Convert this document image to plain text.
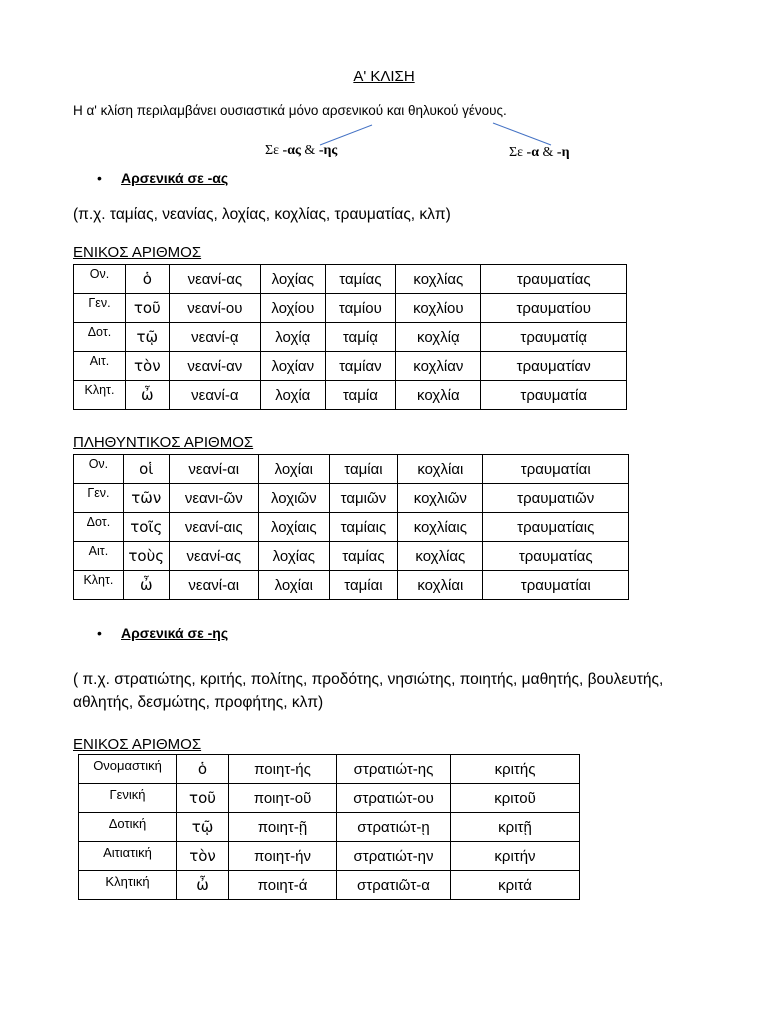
Α' ΚΛΙΣΗ
Η α' κλίση περιλαμβάνει ουσιαστικά μόνο αρσενικού και θηλυκού γένους.
Σε -ας & -ης	Σε -α & -η
• Αρσενικά σε -ας
(π.χ. ταμίας, νεανίας, λοχίας, κοχλίας, τραυματίας, κλπ)
ΕΝΙΚΟΣ ΑΡΙΘΜΟΣ
Ον.	ὁ	νεανί-ας	λοχίας	ταμίας	κοχλίας	τραυματίας
Γεν.	τοῦ	νεανί-ου	λοχίου	ταμίου	κοχλίου	τραυματίου
Δοτ.	τῷ	νεανί-ᾳ	λοχίᾳ	ταμίᾳ	κοχλίᾳ	τραυματίᾳ
Αιτ.	τὸν	νεανί-αν	λοχίαν	ταμίαν	κοχλίαν	τραυματίαν
Κλητ.	ὦ	νεανί-α	λοχία	ταμία	κοχλία	τραυματία
ΠΛΗΘΥΝΤΙΚΟΣ ΑΡΙΘΜΟΣ
Ον.	οἱ	νεανί-αι	λοχίαι	ταμίαι	κοχλίαι	τραυματίαι
Γεν.	τῶν	νεανι-ῶν	λοχιῶν	ταμιῶν	κοχλιῶν	τραυματιῶν
Δοτ.	τοῖς	νεανί-αις	λοχίαις	ταμίαις	κοχλίαις	τραυματίαις
Αιτ.	τοὺς	νεανί-ας	λοχίας	ταμίας	κοχλίας	τραυματίας
Κλητ.	ὦ	νεανί-αι	λοχίαι	ταμίαι	κοχλίαι	τραυματίαι
• Αρσενικά σε -ης
( π.χ. στρατιώτης, κριτής, πολίτης, προδότης, νησιώτης, ποιητής, μαθητής, βουλευτής, αθλητής, δεσμώτης, προφήτης, κλπ)
ΕΝΙΚΟΣ ΑΡΙΘΜΟΣ
Ονομαστική	ὁ	ποιητ-ής	στρατιώτ-ης	κριτής
Γενική	τοῦ	ποιητ-οῦ	στρατιώτ-ου	κριτοῦ
Δοτική	τῷ	ποιητ-ῇ	στρατιώτ-ῃ	κριτῇ
Αιτιατική	τὸν	ποιητ-ήν	στρατιώτ-ην	κριτήν
Κλητική	ὦ	ποιητ-ά	στρατιῶτ-α	κριτά
